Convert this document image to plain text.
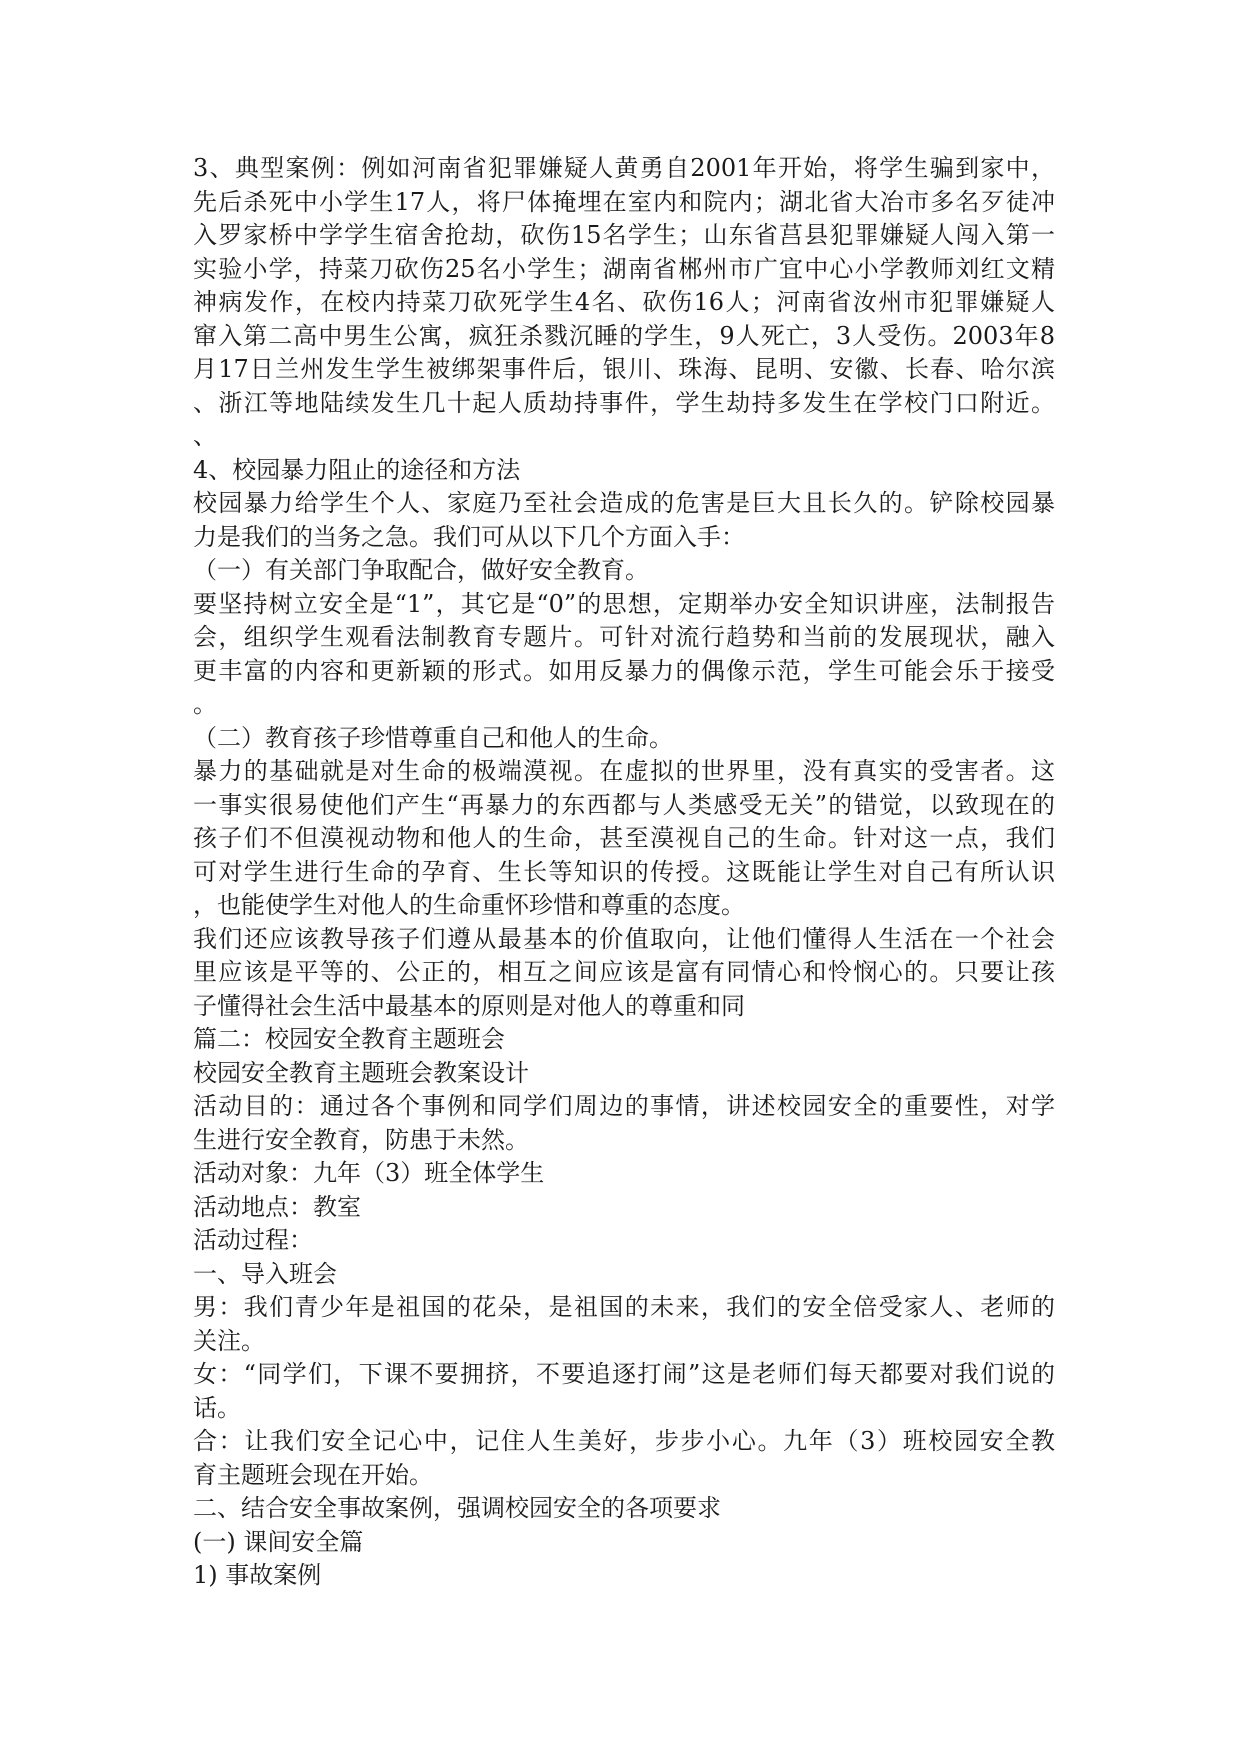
3、典型案例：例如河南省犯罪嫌疑人黄勇自2001年开始，将学生骗到家中，
先后杀死中小学生17人，将尸体掩埋在室内和院内；湖北省大冶市多名歹徒冲
入罗家桥中学学生宿舍抢劫，砍伤15名学生；山东省莒县犯罪嫌疑人闯入第一
实验小学，持菜刀砍伤25名小学生；湖南省郴州市广宜中心小学教师刘红文精
神病发作，在校内持菜刀砍死学生4名、砍伤16人；河南省汝州市犯罪嫌疑人
窜入第二高中男生公寓，疯狂杀戮沉睡的学生，9人死亡，3人受伤。2003年8
月17日兰州发生学生被绑架事件后，银川、珠海、昆明、安徽、长春、哈尔滨
、浙江等地陆续发生几十起人质劫持事件，学生劫持多发生在学校门口附近。
、
4、校园暴力阻止的途径和方法
校园暴力给学生个人、家庭乃至社会造成的危害是巨大且长久的。铲除校园暴
力是我们的当务之急。我们可从以下几个方面入手：
（一）有关部门争取配合，做好安全教育。
要坚持树立安全是“1”，其它是“0”的思想，定期举办安全知识讲座，法制报告
会，组织学生观看法制教育专题片。可针对流行趋势和当前的发展现状，融入
更丰富的内容和更新颖的形式。如用反暴力的偶像示范，学生可能会乐于接受
。
（二）教育孩子珍惜尊重自己和他人的生命。
暴力的基础就是对生命的极端漠视。在虚拟的世界里，没有真实的受害者。这
一事实很易使他们产生“再暴力的东西都与人类感受无关”的错觉，以致现在的
孩子们不但漠视动物和他人的生命，甚至漠视自己的生命。针对这一点，我们
可对学生进行生命的孕育、生长等知识的传授。这既能让学生对自己有所认识
，也能使学生对他人的生命重怀珍惜和尊重的态度。
我们还应该教导孩子们遵从最基本的价值取向，让他们懂得人生活在一个社会
里应该是平等的、公正的，相互之间应该是富有同情心和怜悯心的。只要让孩
子懂得社会生活中最基本的原则是对他人的尊重和同
篇二：校园安全教育主题班会
校园安全教育主题班会教案设计
活动目的：通过各个事例和同学们周边的事情，讲述校园安全的重要性，对学
生进行安全教育，防患于未然。
活动对象：九年（3）班全体学生
活动地点：教室
活动过程：
一、导入班会
男：我们青少年是祖国的花朵，是祖国的未来，我们的安全倍受家人、老师的
关注。
女：“同学们，下课不要拥挤，不要追逐打闹”这是老师们每天都要对我们说的
话。
合：让我们安全记心中，记住人生美好，步步小心。九年（3）班校园安全教
育主题班会现在开始。
二、结合安全事故案例，强调校园安全的各项要求
(一) 课间安全篇
1) 事故案例
